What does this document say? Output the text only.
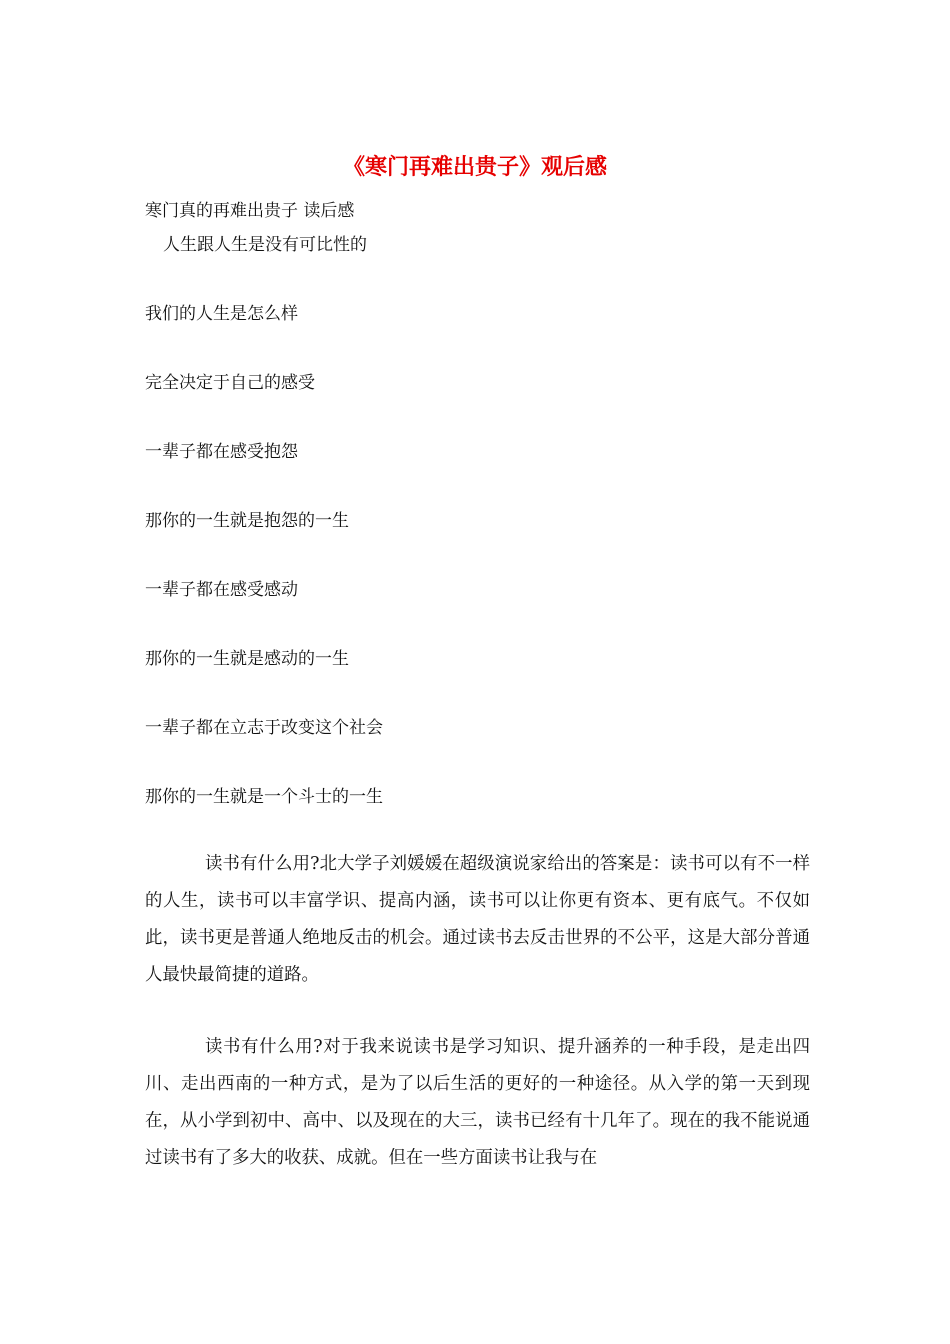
《寒门再难出贵子》观后感

寒门真的再难出贵子 读后感

人生跟人生是没有可比性的

我们的人生是怎么样

完全决定于自己的感受

一辈子都在感受抱怨

那你的一生就是抱怨的一生

一辈子都在感受感动

那你的一生就是感动的一生

一辈子都在立志于改变这个社会

那你的一生就是一个斗士的一生

读书有什么用?北大学子刘媛媛在超级演说家给出的答案是：读书可以有不一样的人生，读书可以丰富学识、提高内涵，读书可以让你更有资本、更有底气。不仅如此，读书更是普通人绝地反击的机会。通过读书去反击世界的不公平，这是大部分普通人最快最简捷的道路。

读书有什么用?对于我来说读书是学习知识、提升涵养的一种手段，是走出四川、走出西南的一种方式，是为了以后生活的更好的一种途径。从入学的第一天到现在，从小学到初中、高中、以及现在的大三，读书已经有十几年了。现在的我不能说通过读书有了多大的收获、成就。但在一些方面读书让我与在
